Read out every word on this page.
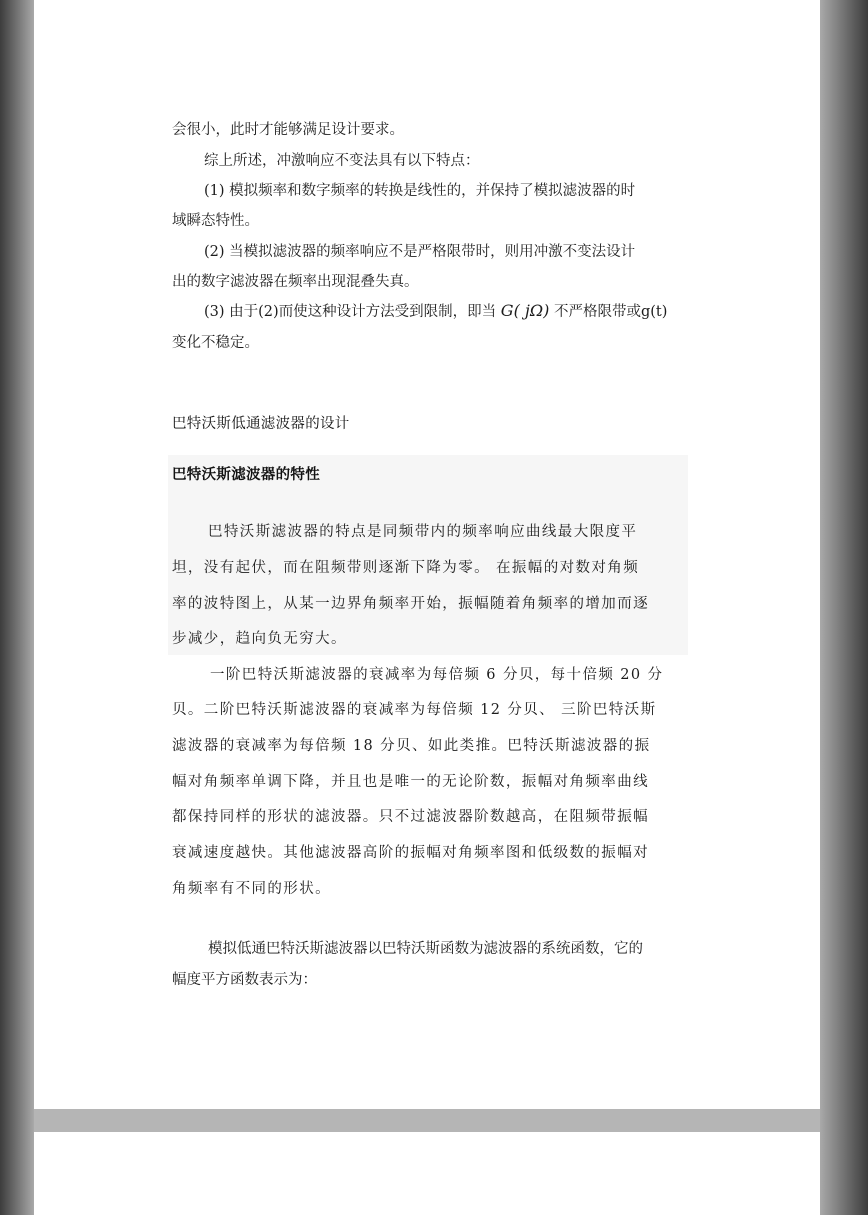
会很小，此时才能够满足设计要求。
综上所述，冲激响应不变法具有以下特点：
(1) 模拟频率和数字频率的转换是线性的，并保持了模拟滤波器的时
域瞬态特性。
(2) 当模拟滤波器的频率响应不是严格限带时，则用冲激不变法设计
出的数字滤波器在频率出现混叠失真。
(3) 由于(2)而使这种设计方法受到限制，即当 G( jΩ) 不严格限带或g(t)
变化不稳定。
巴特沃斯低通滤波器的设计
巴特沃斯滤波器的特性
巴特沃斯滤波器的特点是同频带内的频率响应曲线最大限度平
坦，没有起伏，而在阻频带则逐渐下降为零。 在振幅的对数对角频
率的波特图上，从某一边界角频率开始，振幅随着角频率的增加而逐
步减少，趋向负无穷大。
一阶巴特沃斯滤波器的衰减率为每倍频 6 分贝，每十倍频 20 分
贝。二阶巴特沃斯滤波器的衰减率为每倍频 12 分贝、 三阶巴特沃斯
滤波器的衰减率为每倍频 18 分贝、如此类推。巴特沃斯滤波器的振
幅对角频率单调下降，并且也是唯一的无论阶数，振幅对角频率曲线
都保持同样的形状的滤波器。只不过滤波器阶数越高，在阻频带振幅
衰减速度越快。其他滤波器高阶的振幅对角频率图和低级数的振幅对
角频率有不同的形状。
模拟低通巴特沃斯滤波器以巴特沃斯函数为滤波器的系统函数，它的
幅度平方函数表示为：
